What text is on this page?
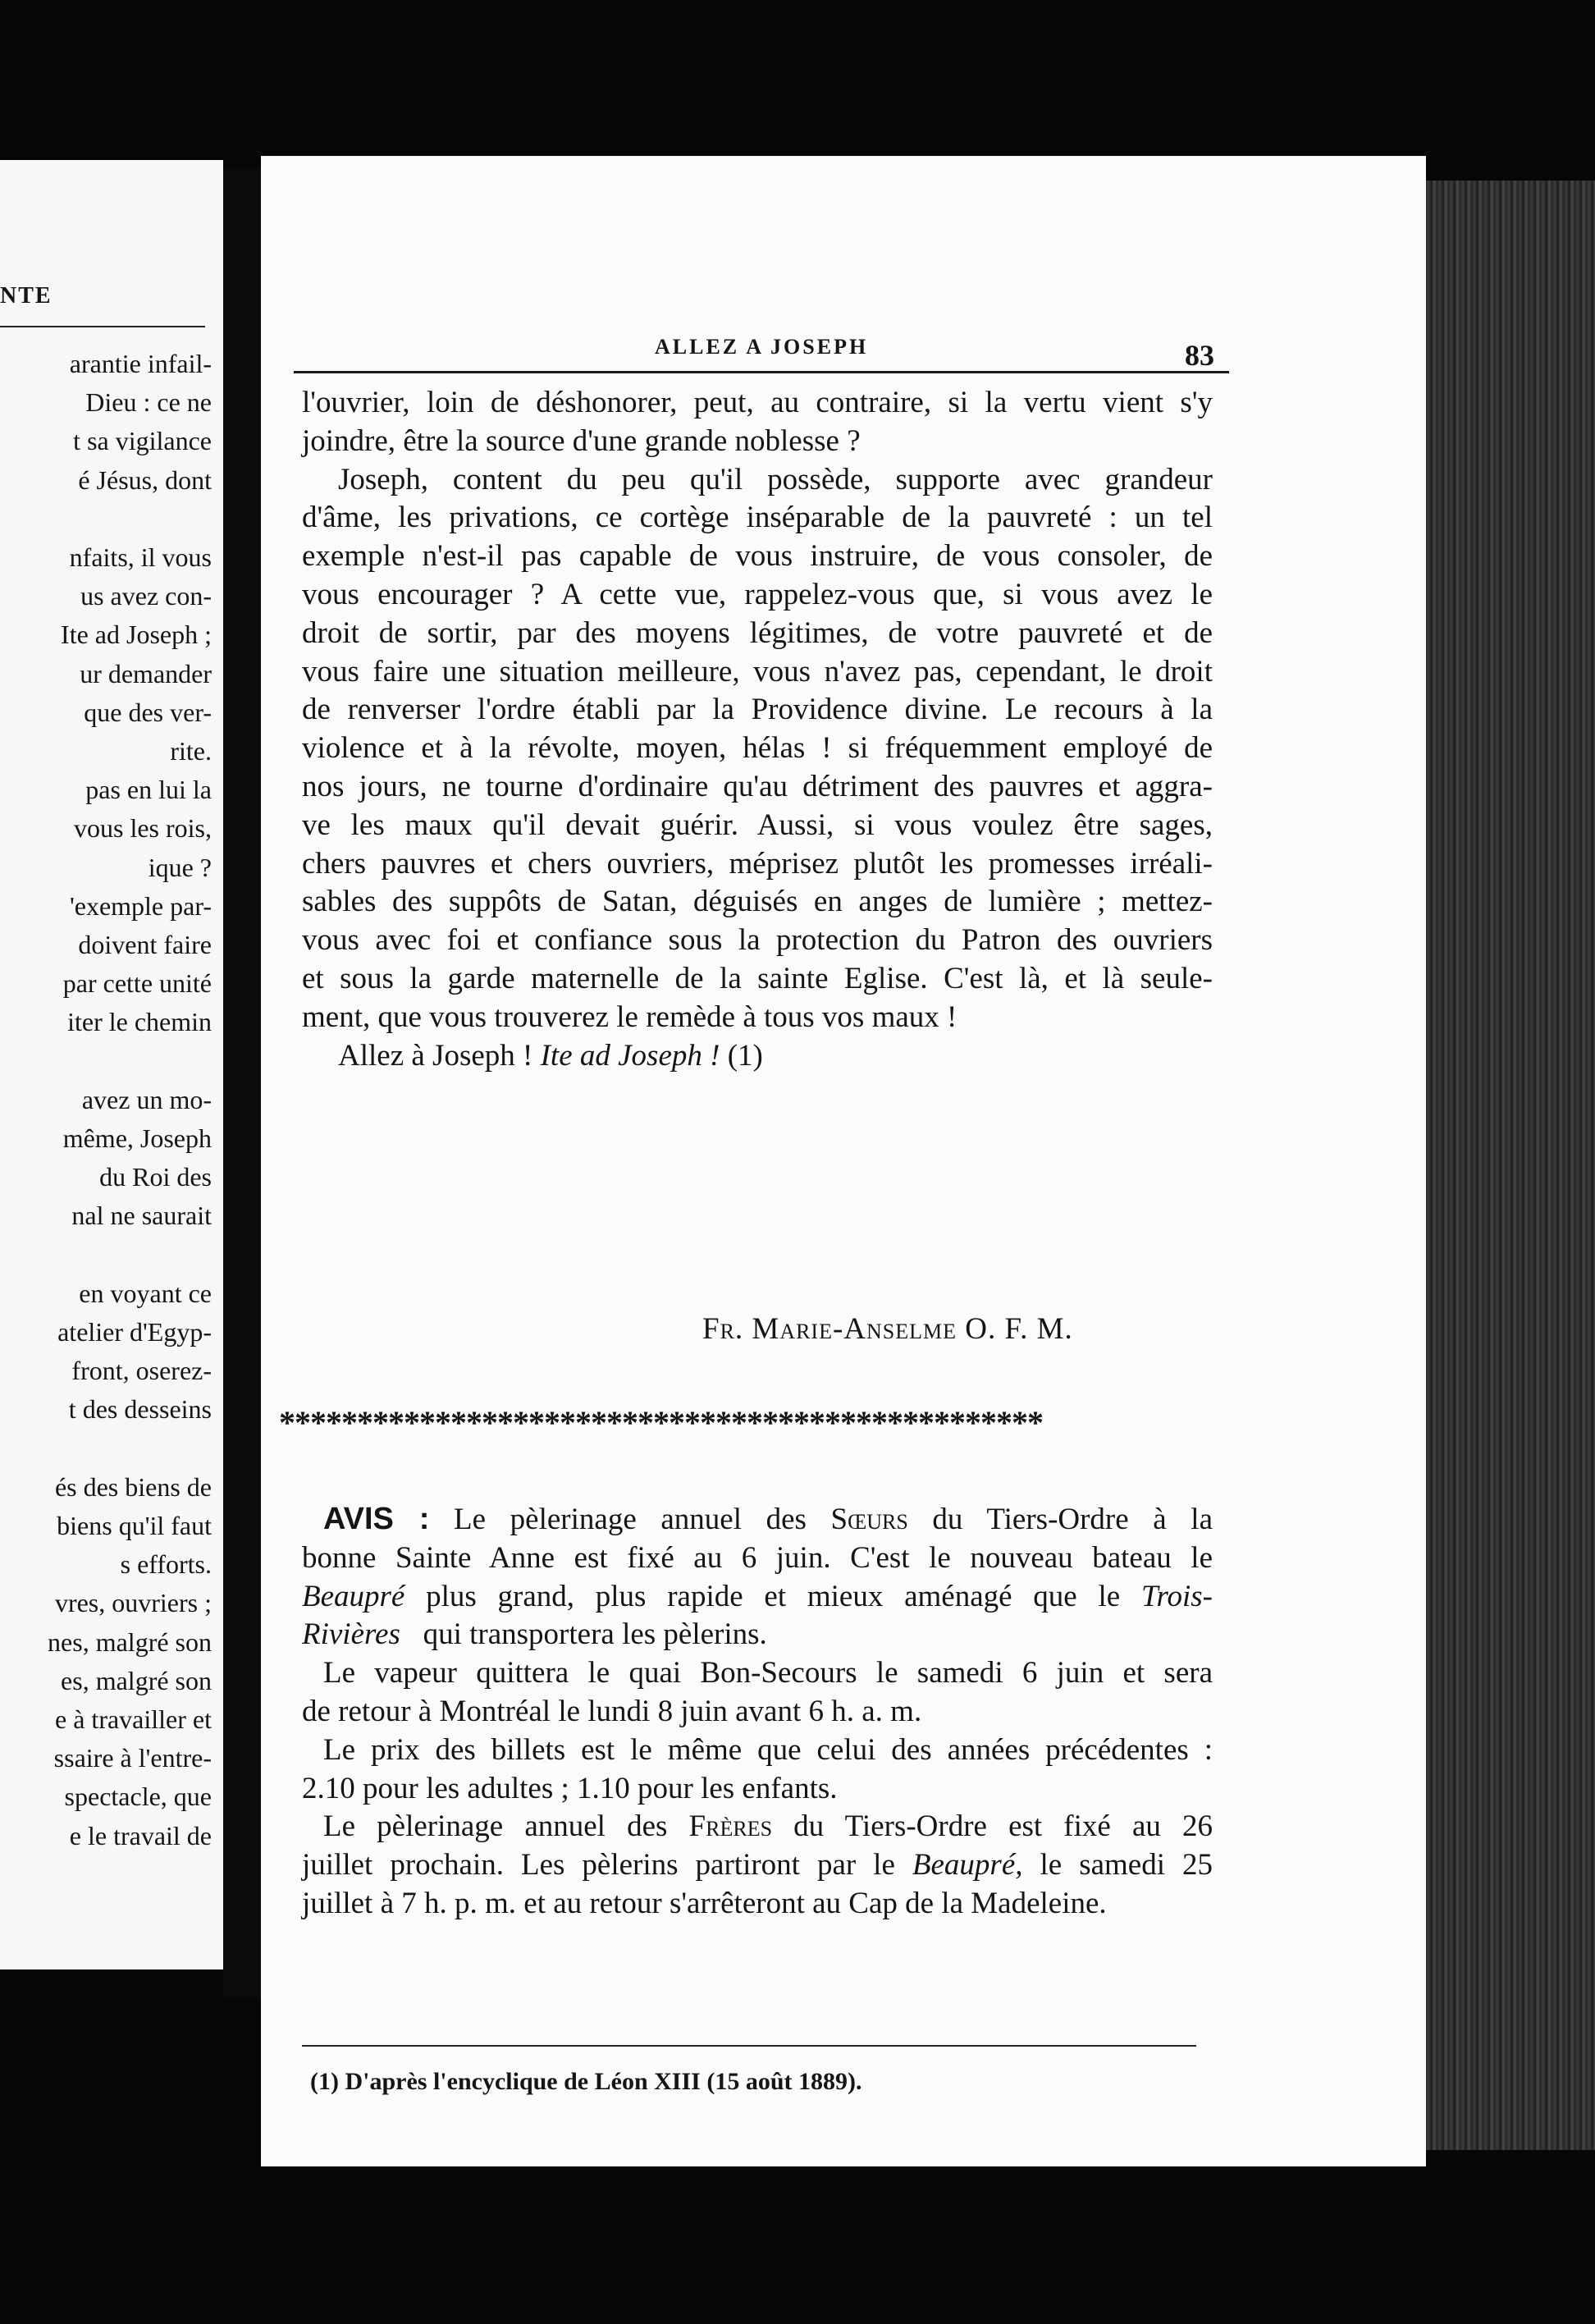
NTE
arantie infail-
Dieu : ce ne
t sa vigilance
é Jésus, dont
nfaits, il vous
us avez con-
Ite ad Joseph ;
ur demander
que des ver-
rite.
pas en lui la
vous les rois,
ique ?
'exemple par-
doivent faire
par cette unité
iter le chemin
avez un mo-
même, Joseph
du Roi des
nal ne saurait
en voyant ce
atelier d'Egyp-
front, oserez-
t des desseins
és des biens de
biens qu'il faut
s efforts.
vres, ouvriers ;
nes, malgré son
es, malgré son
e à travailler et
ssaire à l'entre-
spectacle, que
e le travail de
ALLEZ A JOSEPH	83

l'ouvrier, loin de déshonorer, peut, au contraire, si la vertu vient s'y
joindre, être la source d'une grande noblesse ?

Joseph, content du peu qu'il possède, supporte avec grandeur
d'âme, les privations, ce cortège inséparable de la pauvreté : un tel
exemple n'est-il pas capable de vous instruire, de vous consoler, de
vous encourager ? A cette vue, rappelez-vous que, si vous avez le
droit de sortir, par des moyens légitimes, de votre pauvreté et de
vous faire une situation meilleure, vous n'avez pas, cependant, le droit
de renverser l'ordre établi par la Providence divine. Le recours à la
violence et à la révolte, moyen, hélas ! si fréquemment employé de
nos jours, ne tourne d'ordinaire qu'au détriment des pauvres et aggra-
ve les maux qu'il devait guérir. Aussi, si vous voulez être sages,
chers pauvres et chers ouvriers, méprisez plutôt les promesses irréali-
sables des suppôts de Satan, déguisés en anges de lumière ; mettez-
vous avec foi et confiance sous la protection du Patron des ouvriers
et sous la garde maternelle de la sainte Eglise. C'est là, et là seule-
ment, que vous trouverez le remède à tous vos maux !

Allez à Joseph ! Ite ad Joseph ! (1)

Fr. Marie-Anselme O. F. M.
*************************************************

AVIS : Le pèlerinage annuel des Sœurs du Tiers-Ordre à la
bonne Sainte Anne est fixé au 6 juin. C'est le nouveau bateau le
Beaupré plus grand, plus rapide et mieux aménagé que le Trois-
Rivières qui transportera les pèlerins.

Le vapeur quittera le quai Bon-Secours le samedi 6 juin et sera
de retour à Montréal le lundi 8 juin avant 6 h. a. m.

Le prix des billets est le même que celui des années précédentes :
2.10 pour les adultes ; 1.10 pour les enfants.

Le pèlerinage annuel des Frères du Tiers-Ordre est fixé au 26
juillet prochain. Les pèlerins partiront par le Beaupré, le samedi 25
juillet à 7 h. p. m. et au retour s'arrêteront au Cap de la Madeleine.

(1) D'après l'encyclique de Léon XIII (15 août 1889).
